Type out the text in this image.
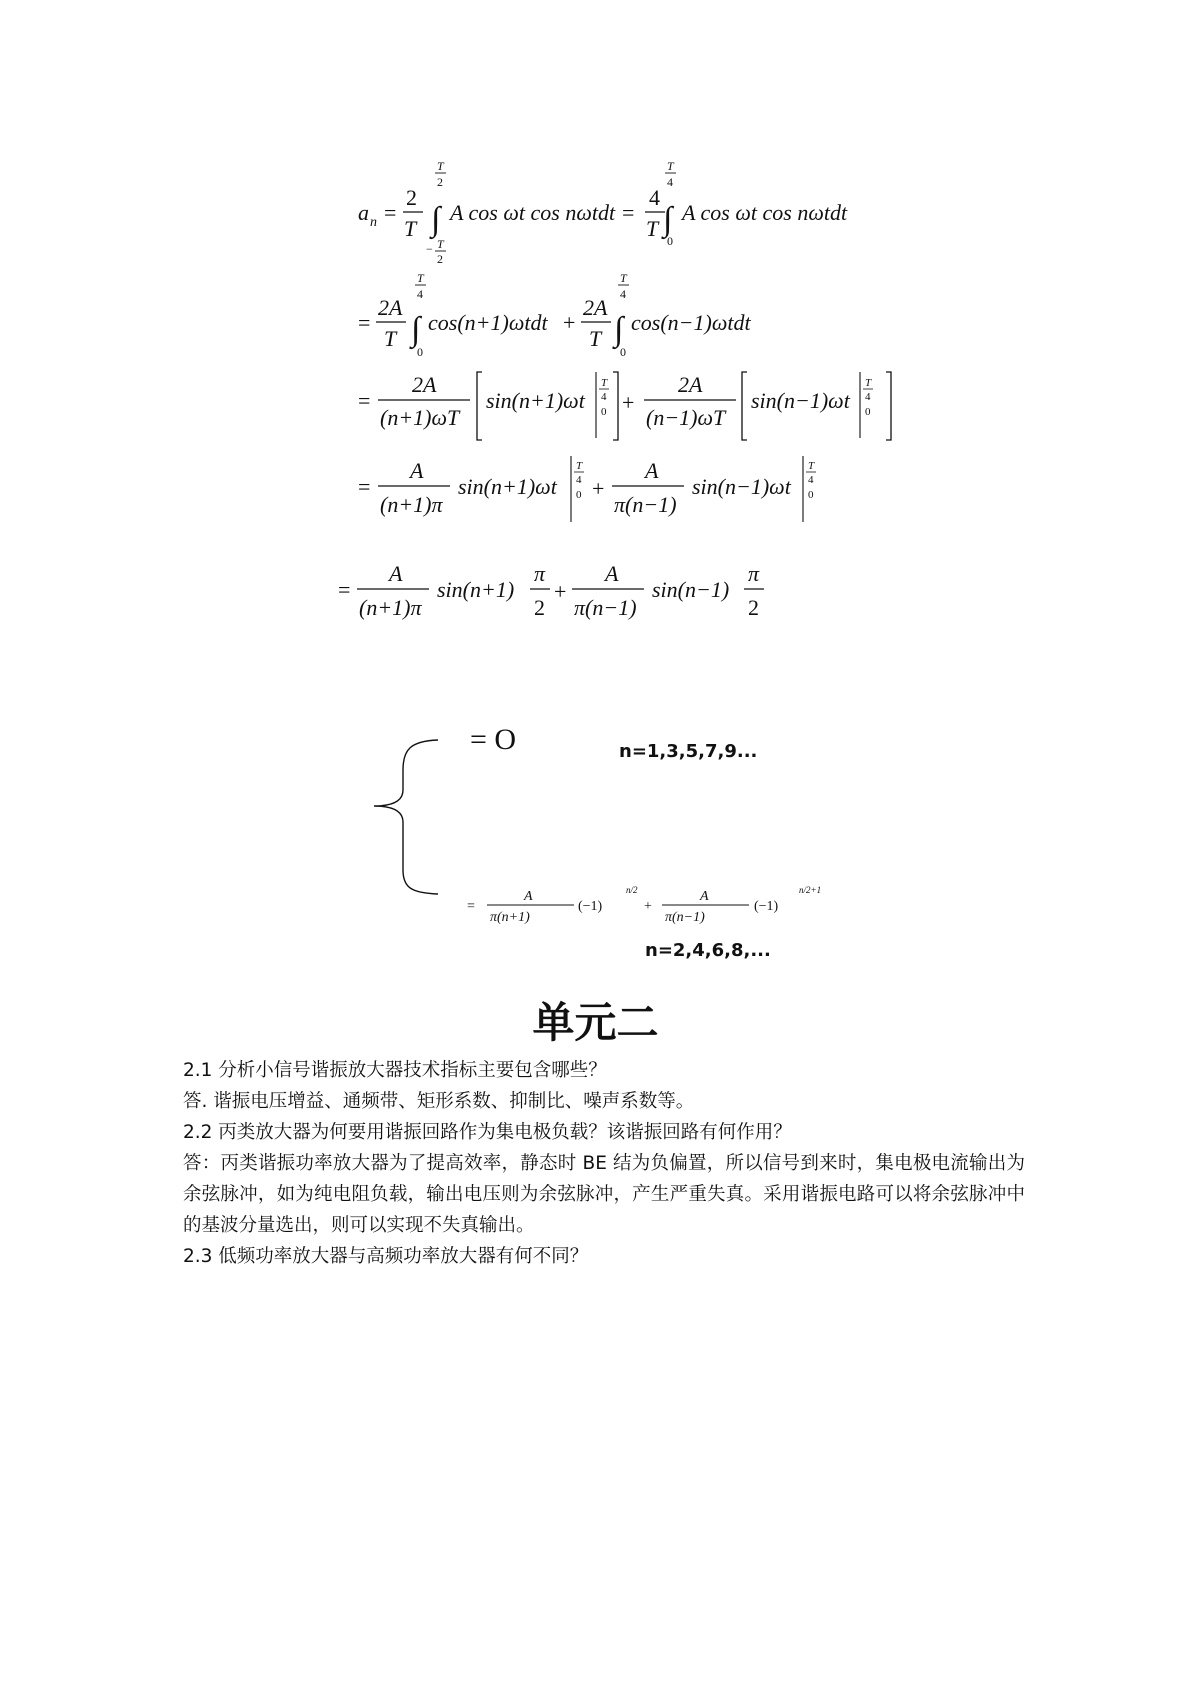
a n =
2
T
T
2
∫
− T
2
A cos ωt cos nωtdt =
4
T
T
4
∫
0
A cos ωt cos nωtdt
=
2A
T
T
4
∫
0
cos(n+1)ωtdt +
2A
T
T
4
∫
0
cos(n−1)ωtdt
=
2A
(n+1)ωT
sin(n+1)ωt
T
4
0 +
2A
(n−1)ωT
sin(n−1)ωt
T
4
0
=
A
(n+1)π
sin(n+1)ωt
T
4
0 +
A
π(n−1)
sin(n−1)ωt
T
4
0
=
A
(n+1)π
sin(n+1)
π
2
+
A
π(n−1)
sin(n−1)
π
2
= O	n=1,3,5,7,9...
=
A
π(n+1)
(−1)
n/2
+
A
π(n−1)
(−1)
n/2+1
n=2,4,6,8,...
单元二

2.1 分析小信号谐振放大器技术指标主要包含哪些？

答. 谐振电压增益、通频带、矩形系数、抑制比、噪声系数等。

2.2 丙类放大器为何要用谐振回路作为集电极负载？该谐振回路有何作用？

答：丙类谐振功率放大器为了提高效率，静态时 BE 结为负偏置，所以信号到来时，集电极电流输出为余弦脉冲，如为纯电阻负载，输出电压则为余弦脉冲，产生严重失真。采用谐振电路可以将余弦脉冲中的基波分量选出，则可以实现不失真输出。

2.3 低频功率放大器与高频功率放大器有何不同？
